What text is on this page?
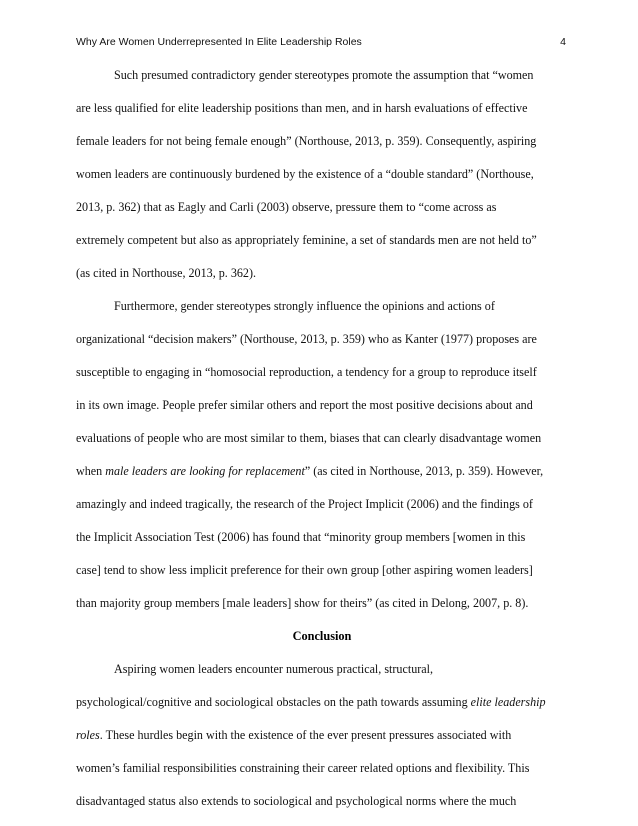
Why Are Women Underrepresented In Elite Leadership Roles	4
Such presumed contradictory gender stereotypes promote the assumption that “women
are less qualified for elite leadership positions than men, and in harsh evaluations of effective
female leaders for not being female enough” (Northouse, 2013, p. 359). Consequently, aspiring
women leaders are continuously burdened by the existence of a “double standard” (Northouse,
2013, p. 362) that as Eagly and Carli (2003) observe, pressure them to “come across as
extremely competent but also as appropriately feminine, a set of standards men are not held to”
(as cited in Northouse, 2013, p. 362).
Furthermore, gender stereotypes strongly influence the opinions and actions of
organizational “decision makers” (Northouse, 2013, p. 359) who as Kanter (1977) proposes are
susceptible to engaging in “homosocial reproduction, a tendency for a group to reproduce itself
in its own image. People prefer similar others and report the most positive decisions about and
evaluations of people who are most similar to them, biases that can clearly disadvantage women
when male leaders are looking for replacement” (as cited in Northouse, 2013, p. 359). However,
amazingly and indeed tragically, the research of the Project Implicit (2006) and the findings of
the Implicit Association Test (2006) has found that “minority group members [women in this
case] tend to show less implicit preference for their own group [other aspiring women leaders]
than majority group members [male leaders] show for theirs” (as cited in Delong, 2007, p. 8).
Conclusion
Aspiring women leaders encounter numerous practical, structural,
psychological/cognitive and sociological obstacles on the path towards assuming elite leadership
roles. These hurdles begin with the existence of the ever present pressures associated with
women’s familial responsibilities constraining their career related options and flexibility. This
disadvantaged status also extends to sociological and psychological norms where the much
